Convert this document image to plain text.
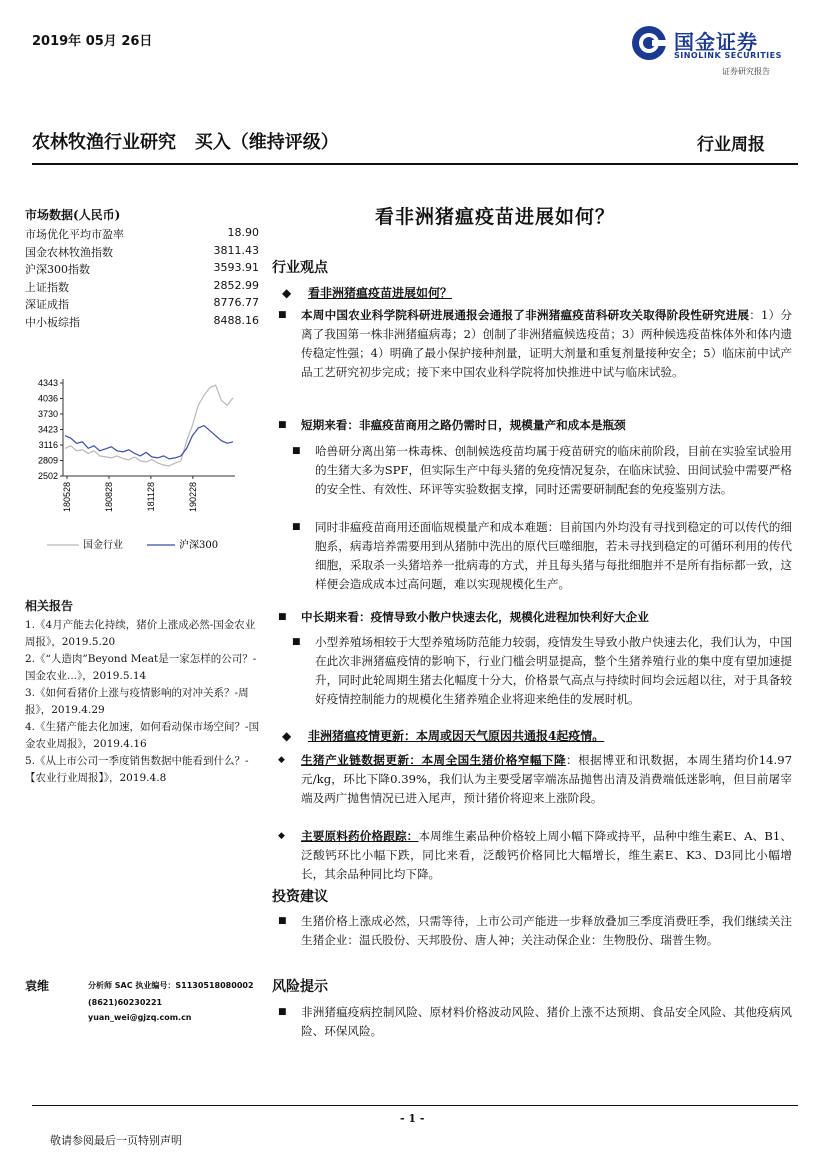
2019年 05月 26日	国金证券
SINOLINK SECURITIES
证券研究报告
农林牧渔行业研究   买入（维持评级）	行业周报
市场数据(人民币)
市场优化平均市盈率	18.90
国金农林牧渔指数	3811.43
沪深300指数	3593.91
上证指数	2852.99
深证成指	8776.77
中小板综指	8488.16
4343
4036
3730
3423
3116
2809
2502
180528	180828	181128	190228
国金行业	沪深300
相关报告
1.《4月产能去化持续，猪价上涨成必然-国金农业周报》，2019.5.20
2.《“人造肉”Beyond Meat是一家怎样的公司？-国金农业...》，2019.5.14
3.《如何看猪价上涨与疫情影响的对冲关系？-周报》，2019.4.29
4.《生猪产能去化加速，如何看动保市场空间？-国金农业周报》，2019.4.16
5.《从上市公司一季度销售数据中能看到什么？-【农业行业周报】》，2019.4.8
袁维	分析师 SAC 执业编号：S1130518080002
(8621)60230221
yuan_wei@gjzq.com.cn
看非洲猪瘟疫苗进展如何？
行业观点
◆ 看非洲猪瘟疫苗进展如何？
■ 本周中国农业科学院科研进展通报会通报了非洲猪瘟疫苗科研攻关取得阶段性研究进展：1）分离了我国第一株非洲猪瘟病毒；2）创制了非洲猪瘟候选疫苗；3）两种候选疫苗株体外和体内遗传稳定性强；4）明确了最小保护接种剂量，证明大剂量和重复剂量接种安全；5）临床前中试产品工艺研究初步完成；接下来中国农业科学院将加快推进中试与临床试验。
■ 短期来看：非瘟疫苗商用之路仍需时日，规模量产和成本是瓶颈
■ 哈兽研分离出第一株毒株、创制候选疫苗均属于疫苗研究的临床前阶段，目前在实验室试验用的生猪大多为SPF，但实际生产中每头猪的免疫情况复杂，在临床试验、田间试验中需要严格的安全性、有效性、环评等实验数据支撑，同时还需要研制配套的免疫鉴别方法。
■ 同时非瘟疫苗商用还面临规模量产和成本难题：目前国内外均没有寻找到稳定的可以传代的细胞系，病毒培养需要用到从猪肺中洗出的原代巨噬细胞，若未寻找到稳定的可循环利用的传代细胞，采取杀一头猪培养一批病毒的方式，并且每头猪与每批细胞并不是所有指标都一致，这样便会造成成本过高问题，难以实现规模化生产。
■ 中长期来看：疫情导致小散户快速去化，规模化进程加快利好大企业
■ 小型养殖场相较于大型养殖场防范能力较弱，疫情发生导致小散户快速去化，我们认为，中国在此次非洲猪瘟疫情的影响下，行业门槛会明显提高，整个生猪养殖行业的集中度有望加速提升，同时此轮周期生猪去化幅度十分大，价格景气高点与持续时间均会远超以往，对于具备较好疫情控制能力的规模化生猪养殖企业将迎来绝佳的发展时机。
◆ 非洲猪瘟疫情更新：本周或因天气原因共通报4起疫情。
◆ 生猪产业链数据更新：本周全国生猪价格窄幅下降：根据博亚和讯数据，本周生猪均价14.97元/kg，环比下降0.39%，我们认为主要受屠宰端冻品抛售出清及消费端低迷影响，但目前屠宰端及两广抛售情况已进入尾声，预计猪价将迎来上涨阶段。
◆ 主要原料药价格跟踪：本周维生素品种价格较上周小幅下降或持平，品种中维生素E、A、B1、泛酸钙环比小幅下跌，同比来看，泛酸钙价格同比大幅增长，维生素E、K3、D3同比小幅增长，其余品种同比均下降。
投资建议
■ 生猪价格上涨成必然，只需等待，上市公司产能进一步释放叠加三季度消费旺季，我们继续关注生猪企业：温氏股份、天邦股份、唐人神；关注动保企业：生物股份、瑞普生物。
风险提示
■ 非洲猪瘟疫病控制风险、原材料价格波动风险、猪价上涨不达预期、食品安全风险、其他疫病风险、环保风险。
- 1 -
敬请参阅最后一页特别声明
